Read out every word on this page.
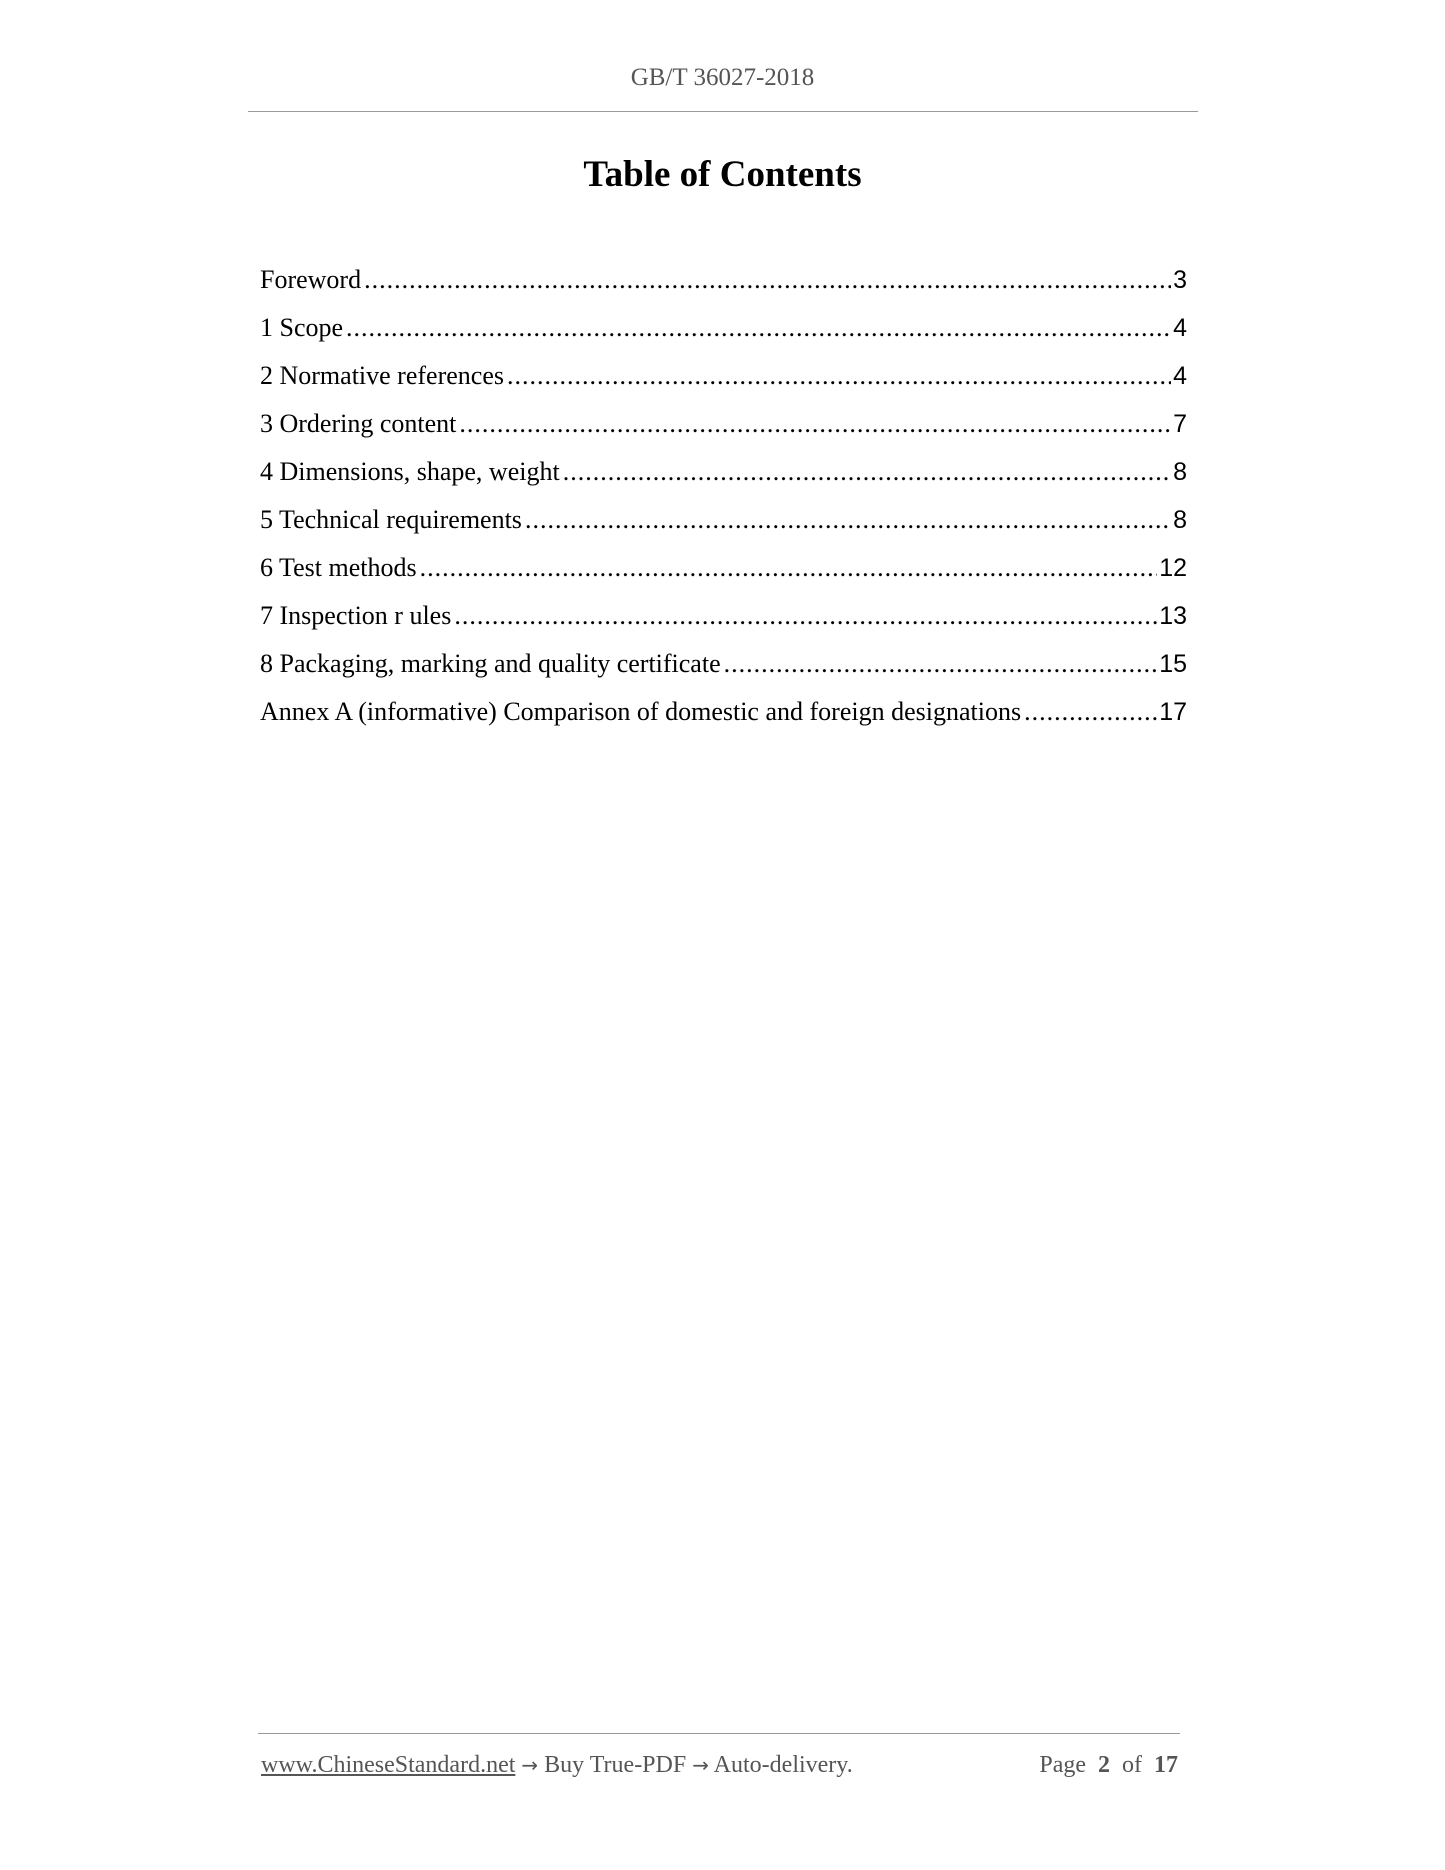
GB/T 36027-2018
Table of Contents
Foreword .....	3
1 Scope .....	4
2 Normative references .....	4
3 Ordering content .....	7
4 Dimensions, shape, weight .....	8
5 Technical requirements .....	8
6 Test methods .....	12
7 Inspection r ules .....	13
8 Packaging, marking and quality certificate .....	15
Annex A (informative) Comparison of domestic and foreign designations .....	17
www.ChineseStandard.net → Buy True-PDF → Auto-delivery.	Page 2 of 17
